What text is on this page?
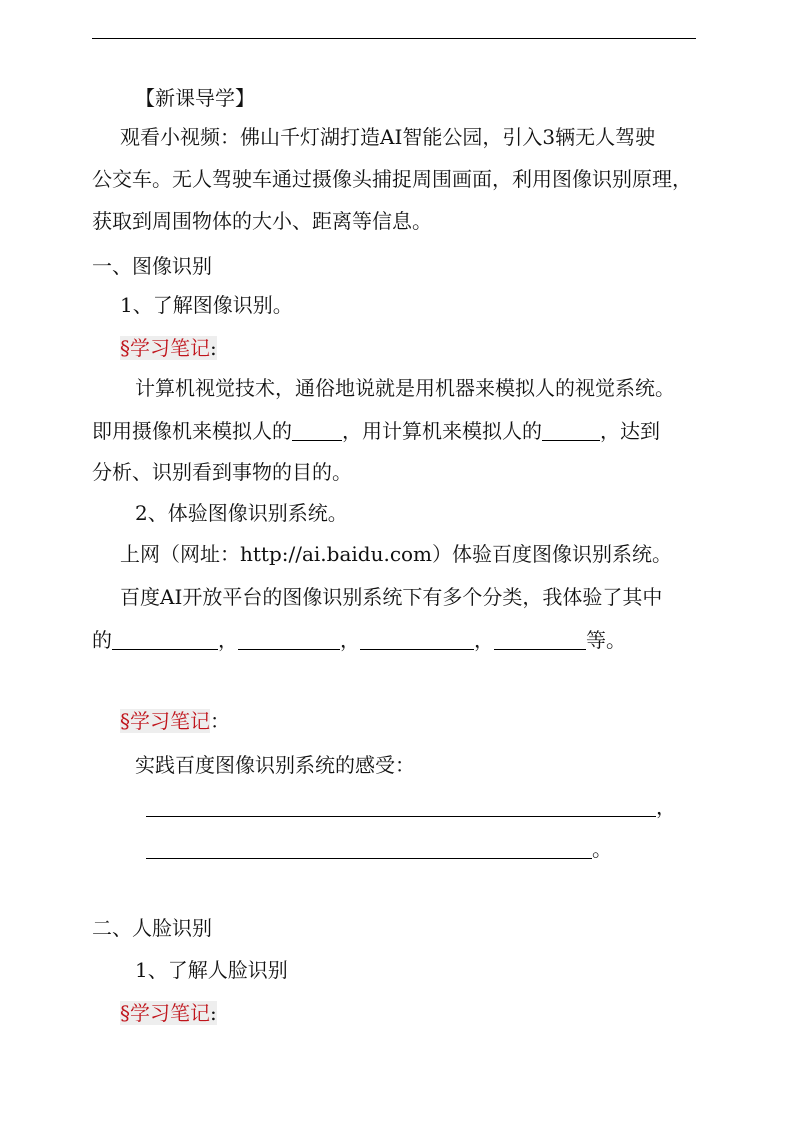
【新课导学】
观看小视频：佛山千灯湖打造AI智能公园，引入3辆无人驾驶
公交车。无人驾驶车通过摄像头捕捉周围画面，利用图像识别原理，
获取到周围物体的大小、距离等信息。
一、图像识别
1、了解图像识别。
§学习笔记:
计算机视觉技术，通俗地说就是用机器来模拟人的视觉系统。
即用摄像机来模拟人的	，用计算机来模拟人的	，达到
分析、识别看到事物的目的。
2、体验图像识别系统。
上网（网址：http://ai.baidu.com）体验百度图像识别系统。
百度AI开放平台的图像识别系统下有多个分类，我体验了其中
的	，	，	，	等。
§学习笔记：
实践百度图像识别系统的感受：
，
。
二、人脸识别
1、了解人脸识别
§学习笔记:
